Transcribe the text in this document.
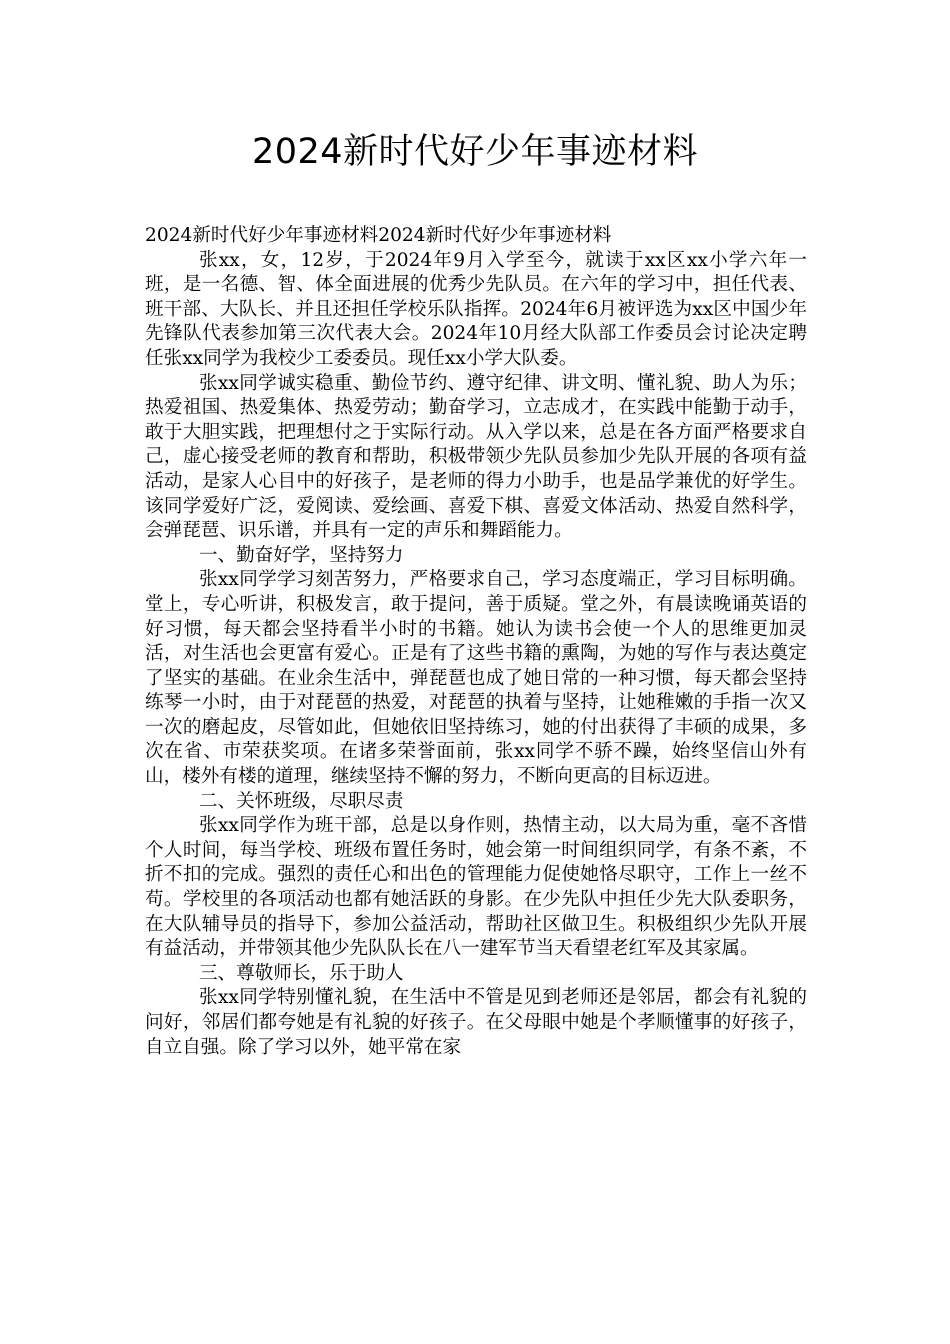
2024新时代好少年事迹材料

2024新时代好少年事迹材料2024新时代好少年事迹材料

张xx，女，12岁，于2024年9月入学至今，就读于xx区xx小学六年一班，是一名德、智、体全面进展的优秀少先队员。在六年的学习中，担任代表、班干部、大队长、并且还担任学校乐队指挥。2024年6月被评选为xx区中国少年先锋队代表参加第三次代表大会。2024年10月经大队部工作委员会讨论决定聘任张xx同学为我校少工委委员。现任xx小学大队委。

张xx同学诚实稳重、勤俭节约、遵守纪律、讲文明、懂礼貌、助人为乐；热爱祖国、热爱集体、热爱劳动；勤奋学习，立志成才，在实践中能勤于动手，敢于大胆实践，把理想付之于实际行动。从入学以来，总是在各方面严格要求自己，虚心接受老师的教育和帮助，积极带领少先队员参加少先队开展的各项有益活动，是家人心目中的好孩子，是老师的得力小助手，也是品学兼优的好学生。该同学爱好广泛，爱阅读、爱绘画、喜爱下棋、喜爱文体活动、热爱自然科学，会弹琵琶、识乐谱，并具有一定的声乐和舞蹈能力。

一、勤奋好学，坚持努力

张xx同学学习刻苦努力，严格要求自己，学习态度端正，学习目标明确。堂上，专心听讲，积极发言，敢于提问，善于质疑。堂之外，有晨读晚诵英语的好习惯，每天都会坚持看半小时的书籍。她认为读书会使一个人的思维更加灵活，对生活也会更富有爱心。正是有了这些书籍的熏陶，为她的写作与表达奠定了坚实的基础。在业余生活中，弹琵琶也成了她日常的一种习惯，每天都会坚持练琴一小时，由于对琵琶的热爱，对琵琶的执着与坚持，让她稚嫩的手指一次又一次的磨起皮，尽管如此，但她依旧坚持练习，她的付出获得了丰硕的成果，多次在省、市荣获奖项。在诸多荣誉面前，张xx同学不骄不躁，始终坚信山外有山，楼外有楼的道理，继续坚持不懈的努力，不断向更高的目标迈进。

二、关怀班级，尽职尽责

张xx同学作为班干部，总是以身作则，热情主动，以大局为重，毫不吝惜个人时间，每当学校、班级布置任务时，她会第一时间组织同学，有条不紊，不折不扣的完成。强烈的责任心和出色的管理能力促使她恪尽职守，工作上一丝不苟。学校里的各项活动也都有她活跃的身影。在少先队中担任少先大队委职务，在大队辅导员的指导下，参加公益活动，帮助社区做卫生。积极组织少先队开展有益活动，并带领其他少先队队长在八一建军节当天看望老红军及其家属。

三、尊敬师长，乐于助人

张xx同学特别懂礼貌，在生活中不管是见到老师还是邻居，都会有礼貌的问好，邻居们都夸她是有礼貌的好孩子。在父母眼中她是个孝顺懂事的好孩子，自立自强。除了学习以外，她平常在家
